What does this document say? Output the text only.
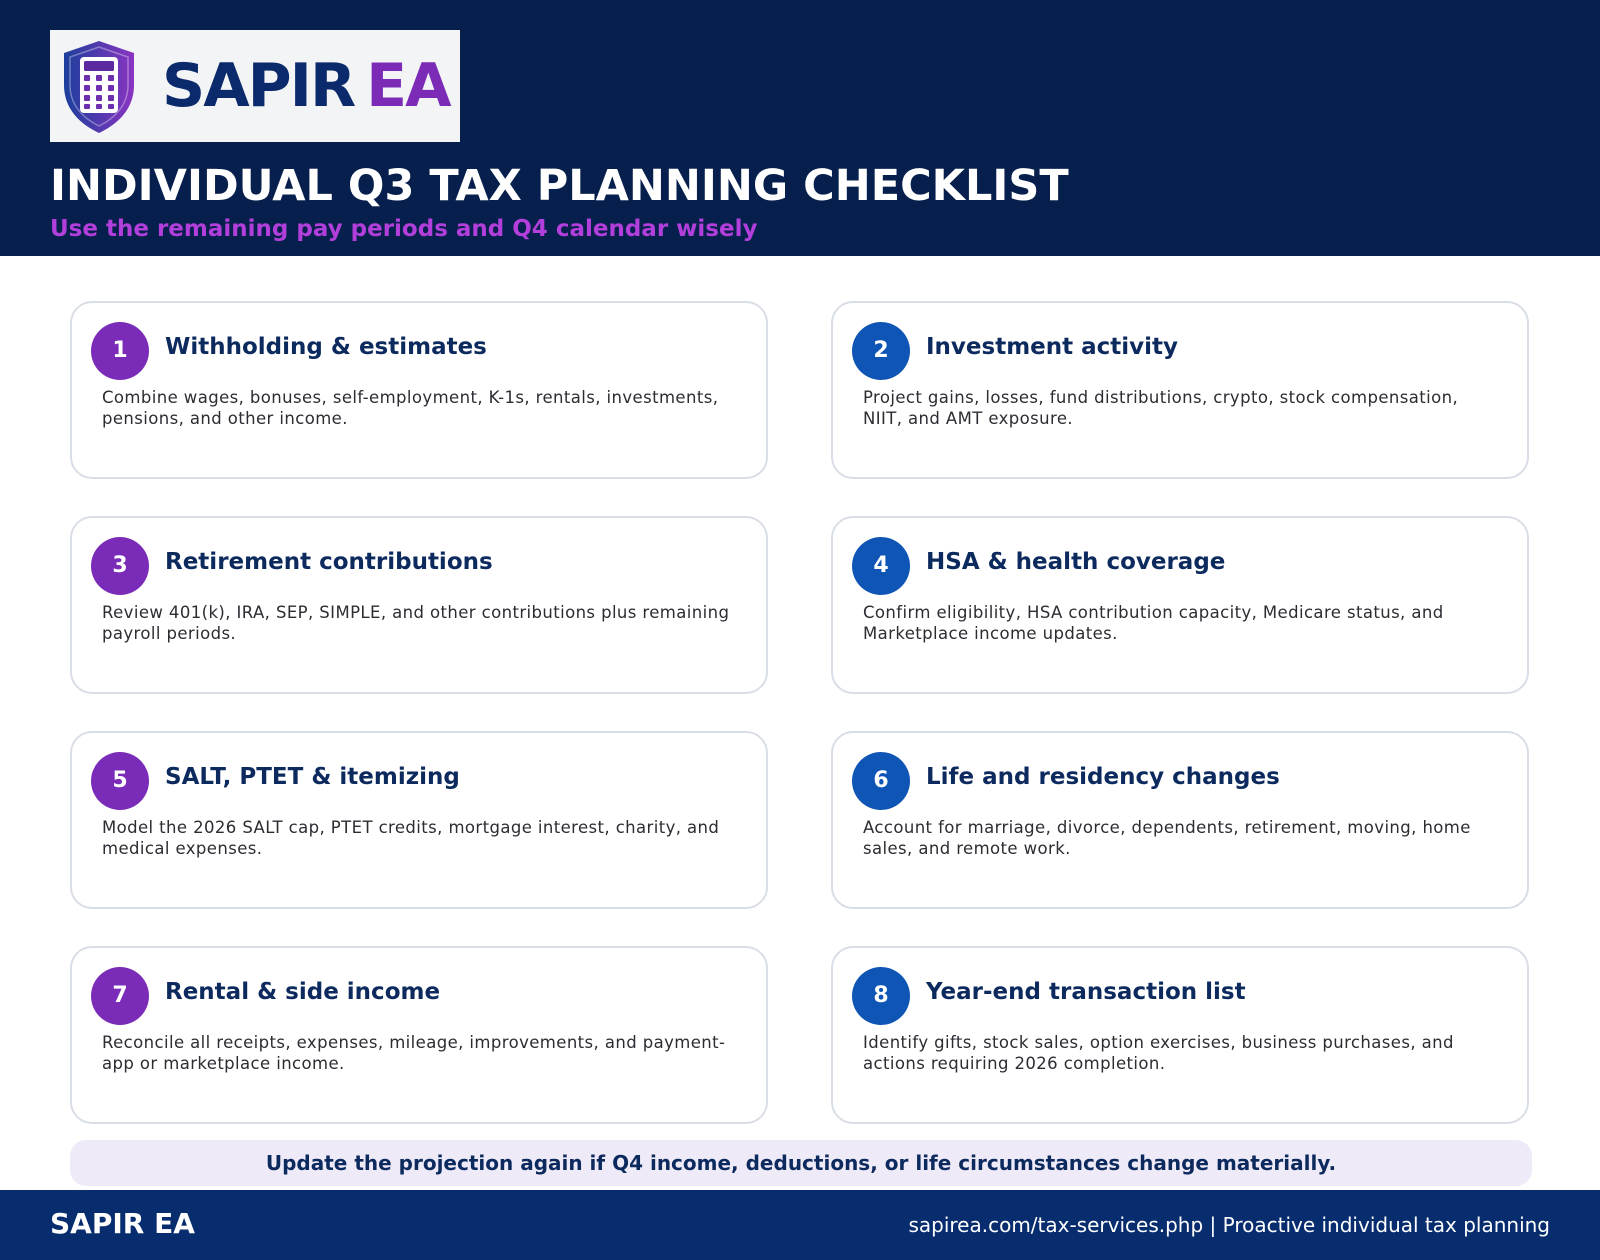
SAPIR EA
INDIVIDUAL Q3 TAX PLANNING CHECKLIST
Use the remaining pay periods and Q4 calendar wisely
1	Withholding & estimates
Combine wages, bonuses, self-employment, K-1s, rentals, investments, pensions, and other income.
2	Investment activity
Project gains, losses, fund distributions, crypto, stock compensation, NIIT, and AMT exposure.
3	Retirement contributions
Review 401(k), IRA, SEP, SIMPLE, and other contributions plus remaining payroll periods.
4	HSA & health coverage
Confirm eligibility, HSA contribution capacity, Medicare status, and Marketplace income updates.
5	SALT, PTET & itemizing
Model the 2026 SALT cap, PTET credits, mortgage interest, charity, and medical expenses.
6	Life and residency changes
Account for marriage, divorce, dependents, retirement, moving, home sales, and remote work.
7	Rental & side income
Reconcile all receipts, expenses, mileage, improvements, and payment-app or marketplace income.
8	Year-end transaction list
Identify gifts, stock sales, option exercises, business purchases, and actions requiring 2026 completion.
Update the projection again if Q4 income, deductions, or life circumstances change materially.
SAPIR EA	sapirea.com/tax-services.php | Proactive individual tax planning
